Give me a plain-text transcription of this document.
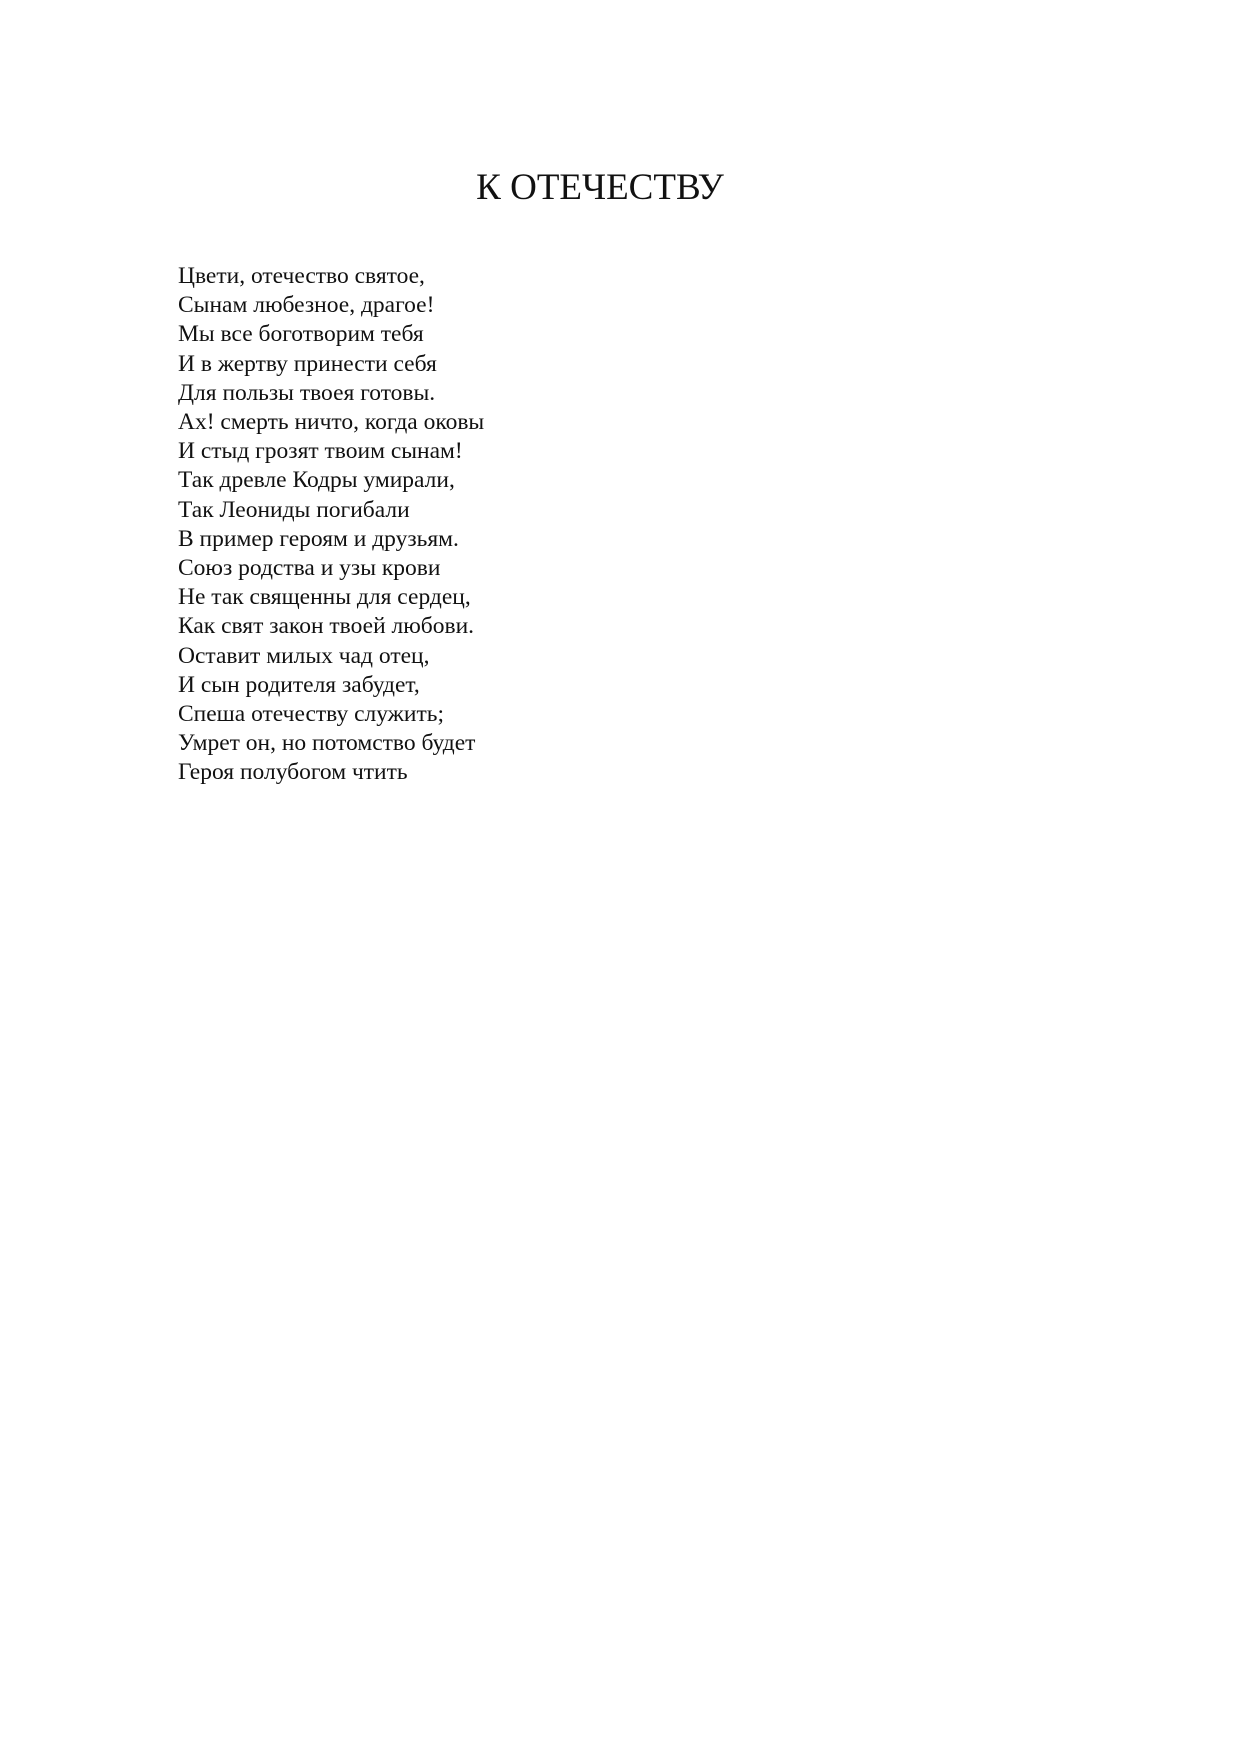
К ОТЕЧЕСТВУ
Цвети, отечество святое,
Сынам любезное, драгое!
Мы все боготворим тебя
И в жертву принести себя
Для пользы твоея готовы.
Ах! смерть ничто, когда оковы
И стыд грозят твоим сынам!
Так древле Кодры умирали,
Так Леониды погибали
В пример героям и друзьям.
Союз родства и узы крови
Не так священны для сердец,
Как свят закон твоей любови.
Оставит милых чад отец,
И сын родителя забудет,
Спеша отечеству служить;
Умрет он, но потомство будет
Героя полубогом чтить
